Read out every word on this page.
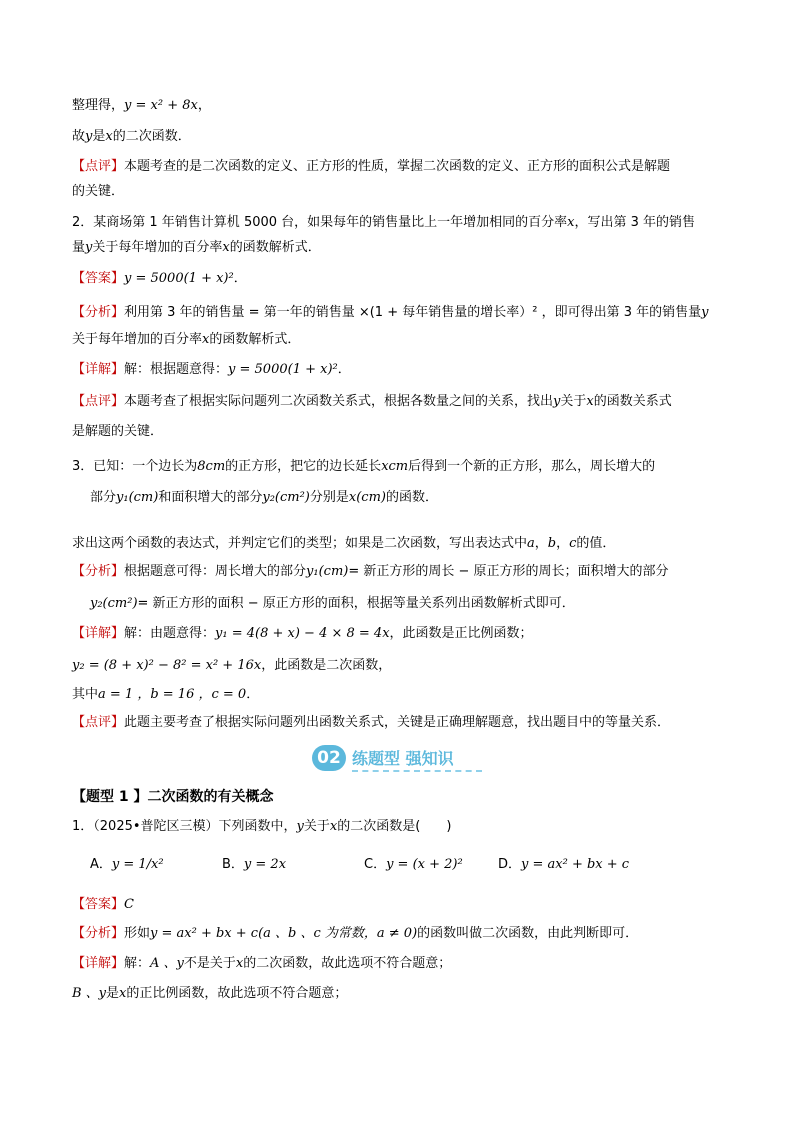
整理得，y = x² + 8x，
故y是x的二次函数．
【点评】本题考查的是二次函数的定义、正方形的性质，掌握二次函数的定义、正方形的面积公式是解题
的关键．
2．某商场第 1 年销售计算机 5000 台，如果每年的销售量比上一年增加相同的百分率x，写出第 3 年的销售
量y关于每年增加的百分率x的函数解析式．
【答案】y = 5000(1 + x)²．
【分析】利用第 3 年的销售量 = 第一年的销售量 ×(1 + 每年销售量的增长率）² ，即可得出第 3 年的销售量y
关于每年增加的百分率x的函数解析式．
【详解】解：根据题意得：y = 5000(1 + x)²．
【点评】本题考查了根据实际问题列二次函数关系式，根据各数量之间的关系，找出y关于x的函数关系式
是解题的关键．
3．已知：一个边长为8cm的正方形，把它的边长延长xcm后得到一个新的正方形，那么，周长增大的
部分y₁(cm)和面积增大的部分y₂(cm²)分别是x(cm)的函数．
求出这两个函数的表达式，并判定它们的类型；如果是二次函数，写出表达式中a，b，c的值．
【分析】根据题意可得：周长增大的部分y₁(cm)= 新正方形的周长 − 原正方形的周长；面积增大的部分
y₂(cm²)= 新正方形的面积 − 原正方形的面积，根据等量关系列出函数解析式即可．
【详解】解：由题意得：y₁ = 4(8 + x) − 4 × 8 = 4x，此函数是正比例函数；
y₂ = (8 + x)² − 8² = x² + 16x，此函数是二次函数，
其中a = 1 ，b = 16 ，c = 0．
【点评】此题主要考查了根据实际问题列出函数关系式，关键是正确理解题意，找出题目中的等量关系．
02 练题型 强知识
【题型 1 】二次函数的有关概念
1．（2025•普陀区三模）下列函数中，y关于x的二次函数是(　　)
A．y = 1/x²	B．y = 2x	C．y = (x + 2)²	D．y = ax² + bx + c
【答案】C
【分析】形如y = ax² + bx + c(a 、b 、c 为常数，a ≠ 0)的函数叫做二次函数，由此判断即可．
【详解】解：A 、y不是关于x的二次函数，故此选项不符合题意；
B 、y是x的正比例函数，故此选项不符合题意；
